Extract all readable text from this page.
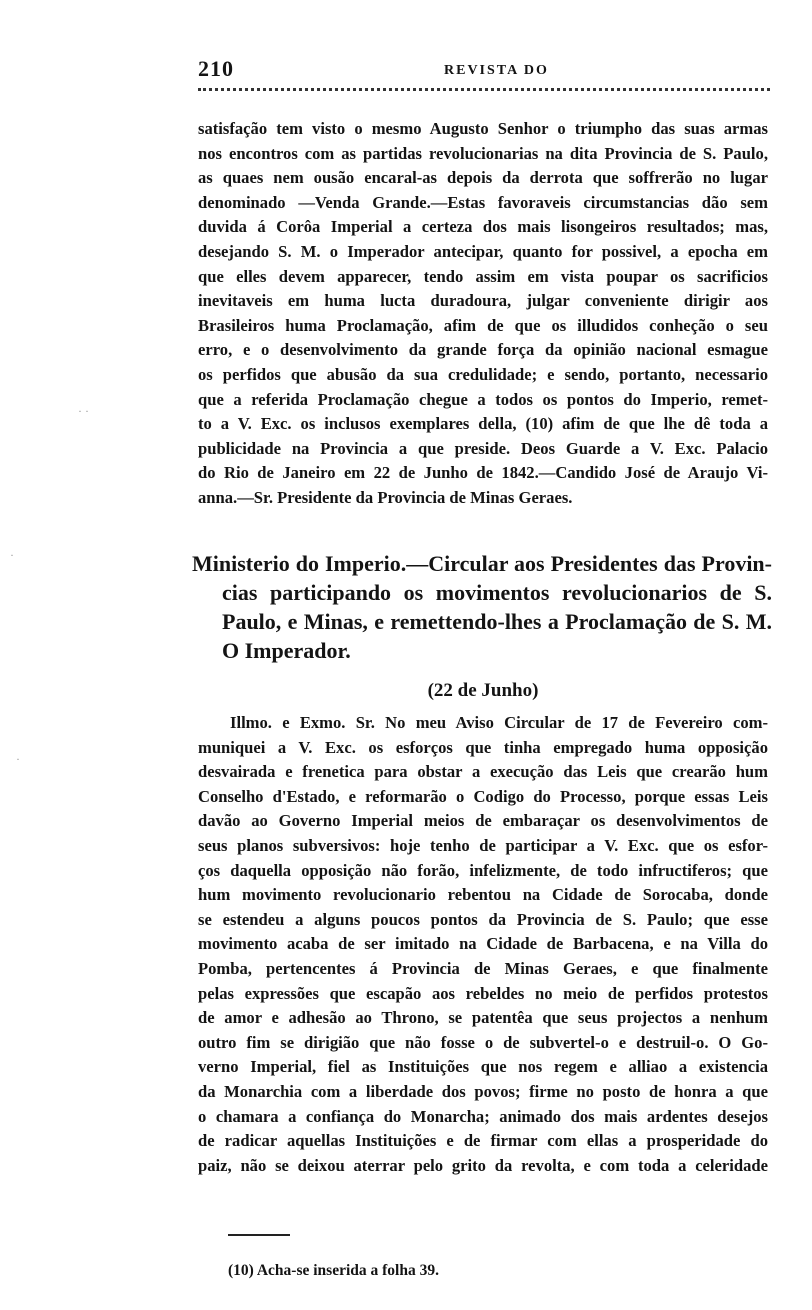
210	REVISTA DO
satisfação tem visto o mesmo Augusto Senhor o triumpho das suas armas
nos encontros com as partidas revolucionarias na dita Provincia de S. Paulo,
as quaes nem ousão encaral-as depois da derrota que soffrerão no lugar
denominado —Venda Grande.—Estas favoraveis circumstancias dão sem
duvida á Corôa Imperial a certeza dos mais lisongeiros resultados; mas,
desejando S. M. o Imperador antecipar, quanto for possivel, a epocha em
que elles devem apparecer, tendo assim em vista poupar os sacrificios
inevitaveis em huma lucta duradoura, julgar conveniente dirigir aos
Brasileiros huma Proclamação, afim de que os illudidos conheção o seu
erro, e o desenvolvimento da grande força da opinião nacional esmague
os perfidos que abusão da sua credulidade; e sendo, portanto, necessario
que a referida Proclamação chegue a todos os pontos do Imperio, remet-
to a V. Exc. os inclusos exemplares della, (10) afim de que lhe dê toda a
publicidade na Provincia a que preside. Deos Guarde a V. Exc. Palacio
do Rio de Janeiro em 22 de Junho de 1842.—Candido José de Araujo Vi-
anna.—Sr. Presidente da Provincia de Minas Geraes.
Ministerio do Imperio.—Circular aos Presidentes das Provin-
cias participando os movimentos revolucionarios de S.
Paulo, e Minas, e remettendo-lhes a Proclamação de S. M.
O Imperador.
(22 de Junho)
Illmo. e Exmo. Sr. No meu Aviso Circular de 17 de Fevereiro com-
muniquei a V. Exc. os esforços que tinha empregado huma opposição
desvairada e frenetica para obstar a execução das Leis que crearão hum
Conselho d'Estado, e reformarão o Codigo do Processo, porque essas Leis
davão ao Governo Imperial meios de embaraçar os desenvolvimentos de
seus planos subversivos: hoje tenho de participar a V. Exc. que os esfor-
ços daquella opposição não forão, infelizmente, de todo infructiferos; que
hum movimento revolucionario rebentou na Cidade de Sorocaba, donde
se estendeu a alguns poucos pontos da Provincia de S. Paulo; que esse
movimento acaba de ser imitado na Cidade de Barbacena, e na Villa do
Pomba, pertencentes á Provincia de Minas Geraes, e que finalmente
pelas expressões que escapão aos rebeldes no meio de perfidos protestos
de amor e adhesão ao Throno, se patentêa que seus projectos a nenhum
outro fim se dirigião que não fosse o de subvertel-o e destruil-o. O Go-
verno Imperial, fiel as Instituições que nos regem e alliao a existencia
da Monarchia com a liberdade dos povos; firme no posto de honra a que
o chamara a confiança do Monarcha; animado dos mais ardentes desejos
de radicar aquellas Instituições e de firmar com ellas a prosperidade do
paiz, não se deixou aterrar pelo grito da revolta, e com toda a celeridade
(10) Acha-se inserida a folha 39.
· ·
·
·
